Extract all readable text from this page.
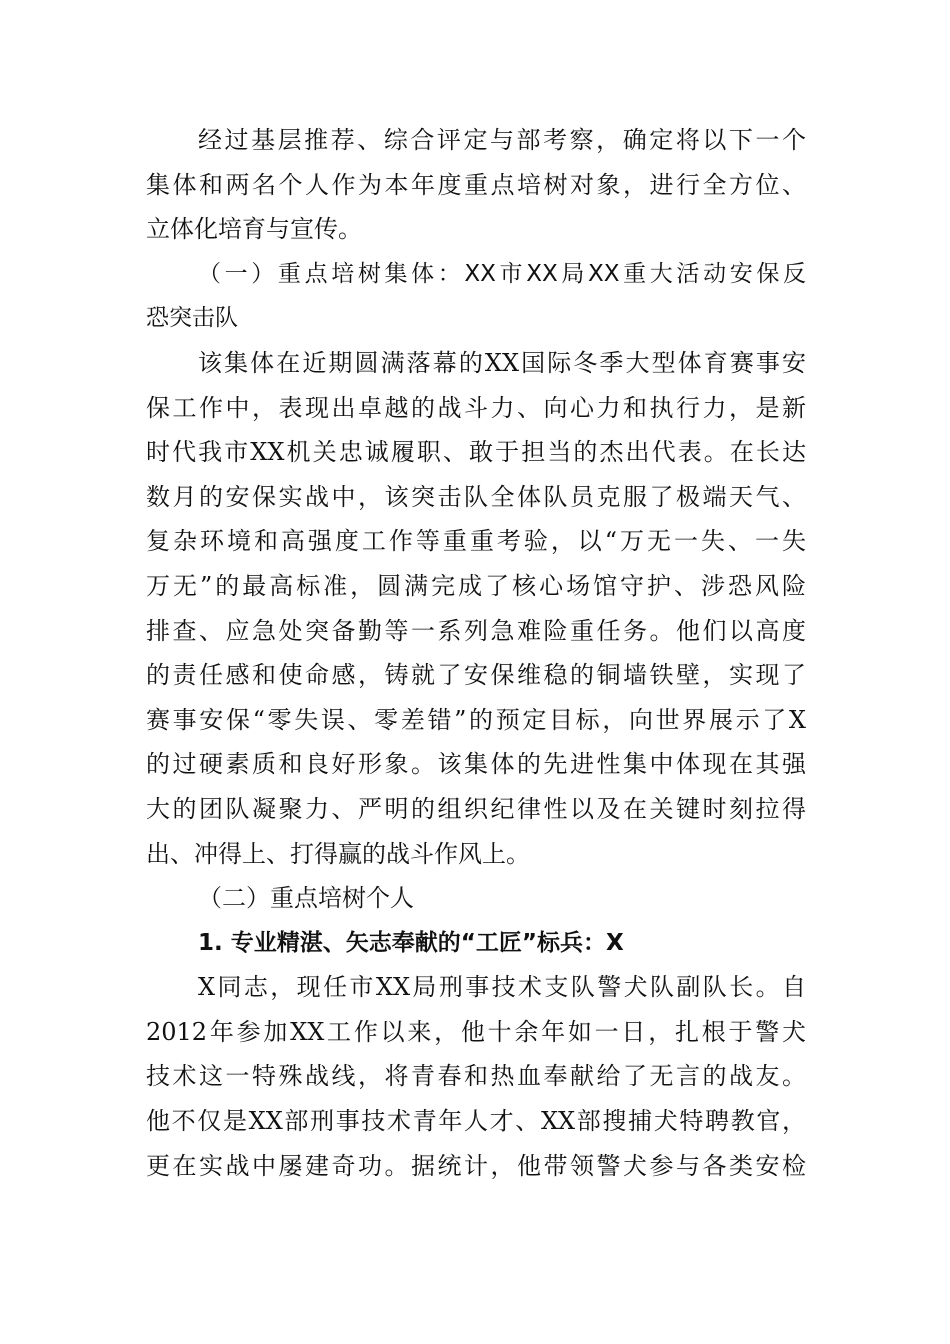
经过基层推荐、综合评定与部考察，确定将以下一个
集体和两名个人作为本年度重点培树对象，进行全方位、
立体化培育与宣传。
（一）重点培树集体：XX市XX局XX重大活动安保反
恐突击队
该集体在近期圆满落幕的XX国际冬季大型体育赛事安
保工作中，表现出卓越的战斗力、向心力和执行力，是新
时代我市XX机关忠诚履职、敢于担当的杰出代表。在长达
数月的安保实战中，该突击队全体队员克服了极端天气、
复杂环境和高强度工作等重重考验，以“万无一失、一失
万无”的最高标准，圆满完成了核心场馆守护、涉恐风险
排查、应急处突备勤等一系列急难险重任务。他们以高度
的责任感和使命感，铸就了安保维稳的铜墙铁壁，实现了
赛事安保“零失误、零差错”的预定目标，向世界展示了X
的过硬素质和良好形象。该集体的先进性集中体现在其强
大的团队凝聚力、严明的组织纪律性以及在关键时刻拉得
出、冲得上、打得赢的战斗作风上。
（二）重点培树个人
1. 专业精湛、矢志奉献的“工匠”标兵：X
X同志，现任市XX局刑事技术支队警犬队副队长。自
2012年参加XX工作以来，他十余年如一日，扎根于警犬
技术这一特殊战线，将青春和热血奉献给了无言的战友。
他不仅是XX部刑事技术青年人才、XX部搜捕犬特聘教官，
更在实战中屡建奇功。据统计，他带领警犬参与各类安检
